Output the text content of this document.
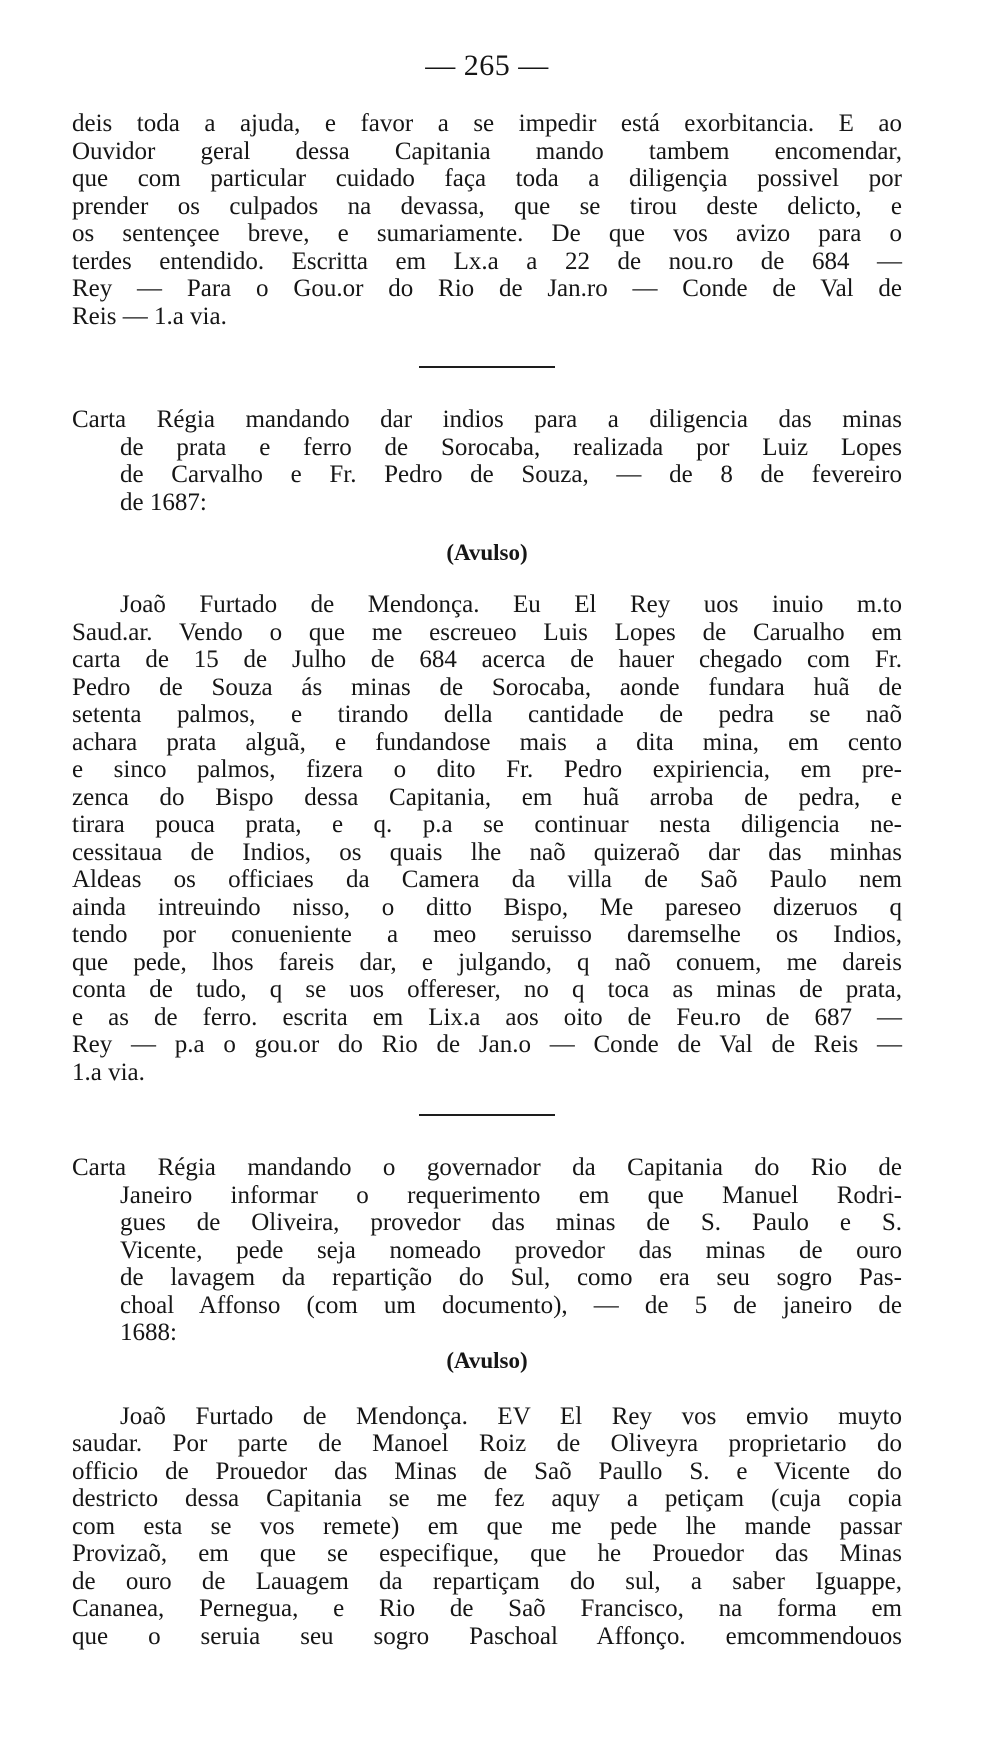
— 265 —
deis toda a ajuda, e favor a se impedir está exorbitancia. E ao
Ouvidor geral dessa Capitania mando tambem encomendar,
que com particular cuidado faça toda a diligençia possivel por
prender os culpados na devassa, que se tirou deste delicto, e
os sentençee breve, e sumariamente. De que vos avizo para o
terdes entendido. Escritta em Lx.a a 22 de nou.ro de 684 —
Rey — Para o Gou.or do Rio de Jan.ro — Conde de Val de
Reis — 1.a via.
Carta Régia mandando dar indios para a diligencia das minas
de prata e ferro de Sorocaba, realizada por Luiz Lopes
de Carvalho e Fr. Pedro de Souza, — de 8 de fevereiro
de 1687:
(Avulso)
Joaõ Furtado de Mendonça. Eu El Rey uos inuio m.to
Saud.ar. Vendo o que me escreueo Luis Lopes de Carualho em
carta de 15 de Julho de 684 acerca de hauer chegado com Fr.
Pedro de Souza ás minas de Sorocaba, aonde fundara huã de
setenta palmos, e tirando della cantidade de pedra se naõ
achara prata alguã, e fundandose mais a dita mina, em cento
e sinco palmos, fizera o dito Fr. Pedro expiriencia, em pre-
zenca do Bispo dessa Capitania, em huã arroba de pedra, e
tirara pouca prata, e q. p.a se continuar nesta diligencia ne-
cessitaua de Indios, os quais lhe naõ quizeraõ dar das minhas
Aldeas os officiaes da Camera da villa de Saõ Paulo nem
ainda intreuindo nisso, o ditto Bispo, Me pareseo dizeruos q
tendo por conueniente a meo seruisso daremselhe os Indios,
que pede, lhos fareis dar, e julgando, q naõ conuem, me dareis
conta de tudo, q se uos offereser, no q toca as minas de prata,
e as de ferro. escrita em Lix.a aos oito de Feu.ro de 687 —
Rey — p.a o gou.or do Rio de Jan.o — Conde de Val de Reis —
1.a via.
Carta Régia mandando o governador da Capitania do Rio de
Janeiro informar o requerimento em que Manuel Rodri-
gues de Oliveira, provedor das minas de S. Paulo e S.
Vicente, pede seja nomeado provedor das minas de ouro
de lavagem da repartição do Sul, como era seu sogro Pas-
choal Affonso (com um documento), — de 5 de janeiro de
1688:
(Avulso)
Joaõ Furtado de Mendonça. EV El Rey vos emvio muyto
saudar. Por parte de Manoel Roiz de Oliveyra proprietario do
officio de Prouedor das Minas de Saõ Paullo S. e Vicente do
destricto dessa Capitania se me fez aquy a petiçam (cuja copia
com esta se vos remete) em que me pede lhe mande passar
Provizaõ, em que se especifique, que he Prouedor das Minas
de ouro de Lauagem da repartiçam do sul, a saber Iguappe,
Cananea, Pernegua, e Rio de Saõ Francisco, na forma em
que o seruia seu sogro Paschoal Affonço. emcommendouos
